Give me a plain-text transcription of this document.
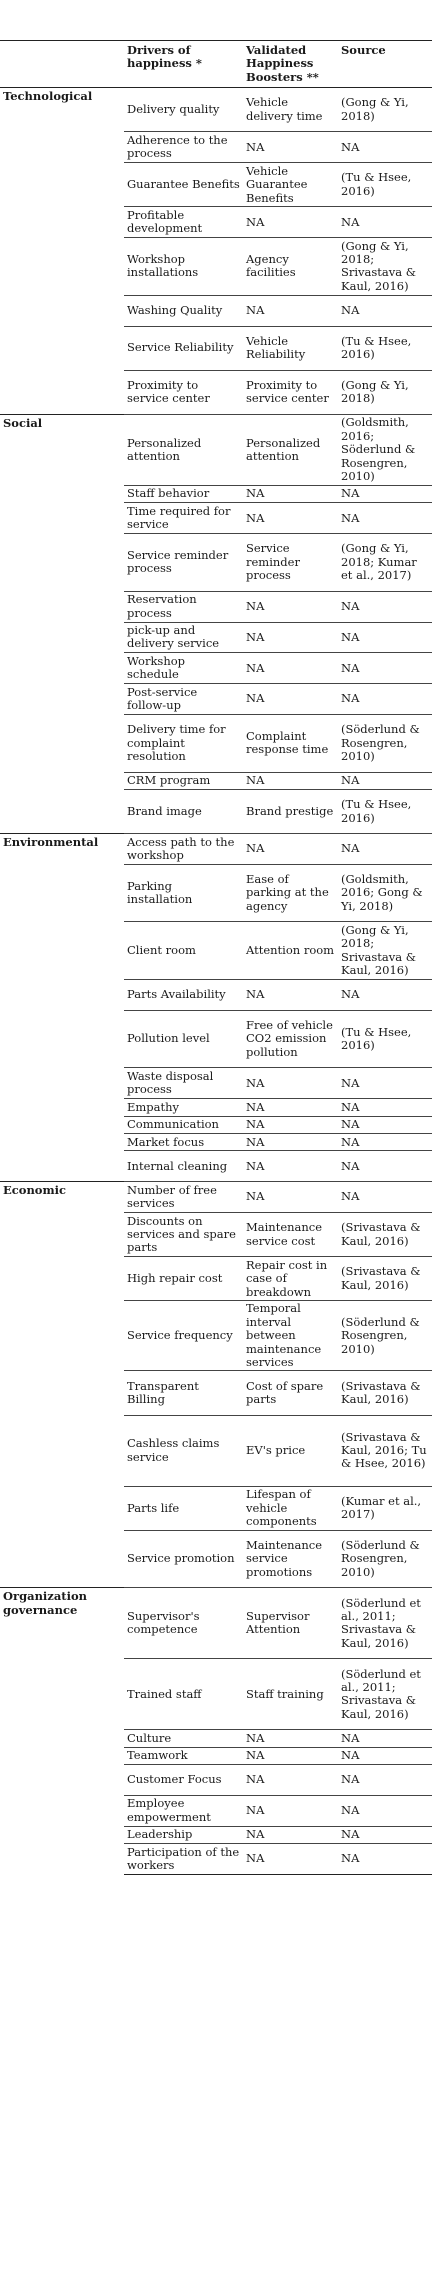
	Drivers of happiness *	Validated Happiness Boosters **	Source
Technological	Delivery quality	Vehicle delivery time	(Gong & Yi, 2018)
	Adherence to the process	NA	NA
	Guarantee Benefits	Vehicle Guarantee Benefits	(Tu & Hsee, 2016)
	Profitable development	NA	NA
	Workshop installations	Agency facilities	(Gong & Yi, 2018; Srivastava & Kaul, 2016)
	Washing Quality	NA	NA
	Service Reliability	Vehicle Reliability	(Tu & Hsee, 2016)
	Proximity to service center	Proximity to service center	(Gong & Yi, 2018)
Social	Personalized attention	Personalized attention	(Goldsmith, 2016; Söderlund & Rosengren, 2010)
	Staff behavior	NA	NA
	Time required for service	NA	NA
	Service reminder process	Service reminder process	(Gong & Yi, 2018; Kumar et al., 2017)
	Reservation process	NA	NA
	pick-up and delivery service	NA	NA
	Workshop schedule	NA	NA
	Post-service follow-up	NA	NA
	Delivery time for complaint resolution	Complaint response time	(Söderlund & Rosengren, 2010)
	CRM program	NA	NA
	Brand image	Brand prestige	(Tu & Hsee, 2016)
Environmental	Access path to the workshop	NA	NA
	Parking installation	Ease of parking at the agency	(Goldsmith, 2016; Gong & Yi, 2018)
	Client room	Attention room	(Gong & Yi, 2018; Srivastava & Kaul, 2016)
	Parts Availability	NA	NA
	Pollution level	Free of vehicle CO2 emission pollution	(Tu & Hsee, 2016)
	Waste disposal process	NA	NA
	Empathy	NA	NA
	Communication	NA	NA
	Market focus	NA	NA
	Internal cleaning	NA	NA
Economic	Number of free services	NA	NA
	Discounts on services and spare parts	Maintenance service cost	(Srivastava & Kaul, 2016)
	High repair cost	Repair cost in case of breakdown	(Srivastava & Kaul, 2016)
	Service frequency	Temporal interval between maintenance services	(Söderlund & Rosengren, 2010)
	Transparent Billing	Cost of spare parts	(Srivastava & Kaul, 2016)
	Cashless claims service	EV's price	(Srivastava & Kaul, 2016; Tu & Hsee, 2016)
	Parts life	Lifespan of vehicle components	(Kumar et al., 2017)
	Service promotion	Maintenance service promotions	(Söderlund & Rosengren, 2010)
Organization governance	Supervisor's competence	Supervisor Attention	(Söderlund et al., 2011; Srivastava & Kaul, 2016)
	Trained staff	Staff training	(Söderlund et al., 2011; Srivastava & Kaul, 2016)
	Culture	NA	NA
	Teamwork	NA	NA
	Customer Focus	NA	NA
	Employee empowerment	NA	NA
	Leadership	NA	NA
	Participation of the workers	NA	NA
